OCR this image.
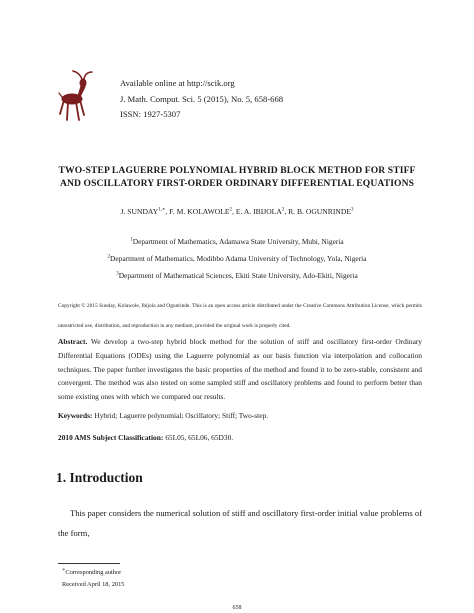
Available online at http://scik.org
J. Math. Comput. Sci. 5 (2015), No. 5, 658-668
ISSN: 1927-5307
TWO-STEP LAGUERRE POLYNOMIAL HYBRID BLOCK METHOD FOR STIFF
AND OSCILLATORY FIRST-ORDER ORDINARY DIFFERENTIAL EQUATIONS
J. $SUNDAY^{1,∗}$, F. M. KOLAWOLE$^2$, E. A. IBIJOLA$^3$, R. B. OGUNRINDE$^3$
$^1$Department of Mathematics, Adamawa State University, Mubi, Nigeria
$^2$Department of Mathematics, Modibbo Adama University of Technology, Yola, Nigeria
$^3$Department of Mathematical Sciences, Ekiti State University, Ado-Ekiti, Nigeria
Copyright © 2015 Sunday, Kolawole, Ibijola and Ogunrinde. This is an open access article distributed under the Creative Commons Attribution License, which permits unrestricted use, distribution, and reproduction in any medium, provided the original work is properly cited.
Abstract. We develop a two-step hybrid block method for the solution of stiff and oscillatory first-order Ordinary Differential Equations (ODEs) using the Laguerre polynomial as our basis function via interpolation and collocation techniques. The paper further investigates the basic properties of the method and found it to be zero-stable, consistent and convergent. The method was also tested on some sampled stiff and oscillatory problems and found to perform better than some existing ones with which we compared our results.
Keywords: Hybrid; Laguerre polynomial; Oscillatory; Stiff; Two-step.
2010 AMS Subject Classification: 65L05, 65L06, 65D30.
1. Introduction
This paper considers the numerical solution of stiff and oscillatory first-order initial value problems of the form,
∗Corresponding author
Received April 18, 2015
658
